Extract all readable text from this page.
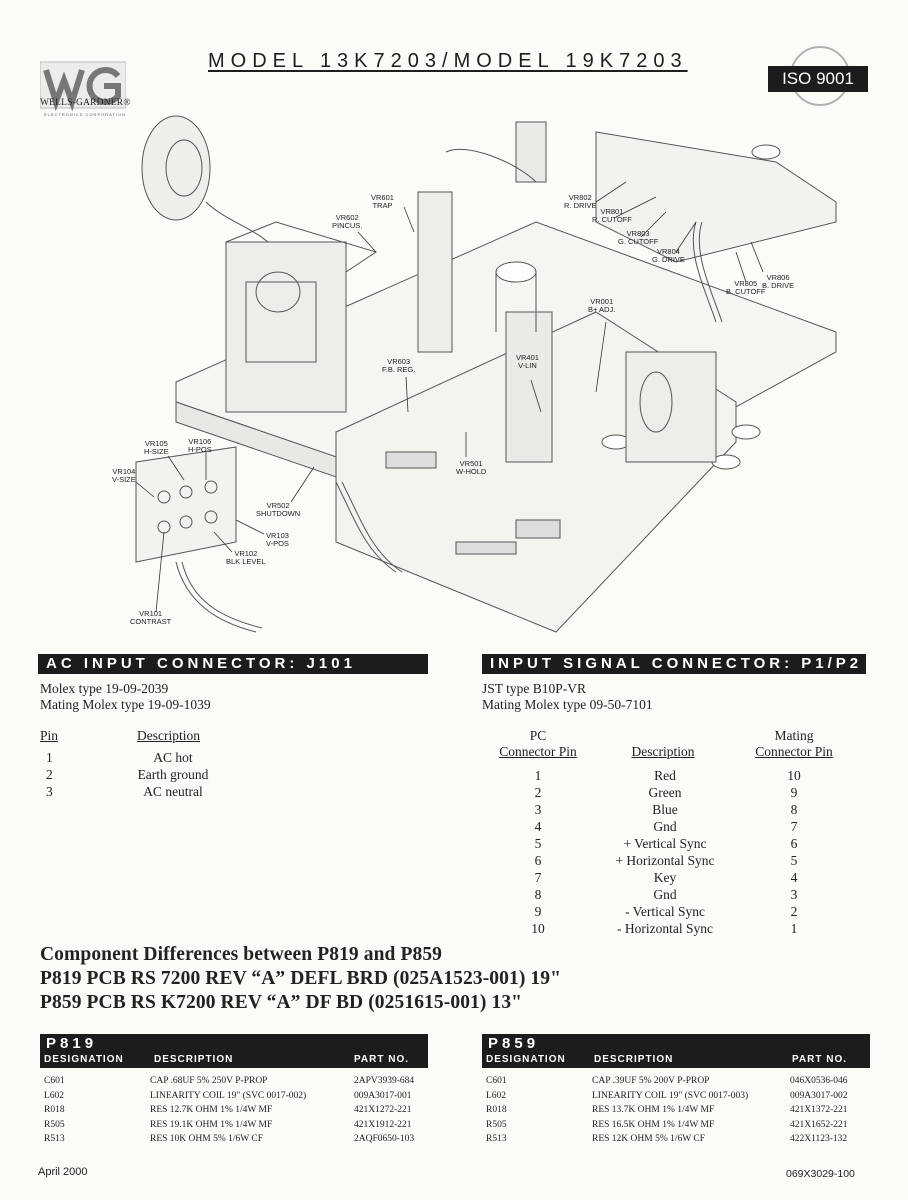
WELLS-GARDNER®
ELECTRONICS CORPORATION
MODEL 13K7203/MODEL 19K7203
ISO 9001
VR601
TRAP
VR602
PINCUS.
VR802
R. DRIVE
VR801
R. CUTOFF
VR803
G. CUTOFF
VR804
G. DRIVE
VR805
B. CUTOFF
VR806
B. DRIVE
VR001
B+ ADJ.
VR603
F.B. REG.
VR401
V-LIN
VR105
H-SIZE
VR106
H-POS
VR104
V-SIZE
VR501
W-HOLD
VR502
SHUTDOWN
VR103
V-POS
VR102
BLK LEVEL
VR101
CONTRAST
AC INPUT CONNECTOR: J101
Molex type 19-09-2039
Mating Molex type 19-09-1039
Pin	Description
1	AC hot
2	Earth ground
3	AC neutral
INPUT SIGNAL CONNECTOR: P1/P2
JST type B10P-VR
Mating Molex type 09-50-7101
PC
Connector Pin	Description
Mating
Connector Pin
1	Red	10
2	Green	9
3	Blue	8
4	Gnd	7
5	+ Vertical Sync	6
6	+ Horizontal Sync	5
7	Key	4
8	Gnd	3
9	- Vertical Sync	2
10	- Horizontal Sync	1
Component Differences between P819 and P859
P819 PCB RS 7200 REV “A” DEFL BRD (025A1523-001) 19"
P859 PCB RS K7200 REV “A” DF BD (0251615-001) 13"
P819
DESIGNATION	DESCRIPTION	PART NO.
C601	CAP .68UF 5% 250V P-PROP	2APV3939-684
L602	LINEARITY COIL 19" (SVC 0017-002)	009A3017-001
R018	RES 12.7K OHM 1% 1/4W MF	421X1272-221
R505	RES 19.1K OHM 1% 1/4W MF	421X1912-221
R513	RES 10K OHM 5% 1/6W CF	2AQF0650-103
P859
DESIGNATION	DESCRIPTION	PART NO.
C601	CAP .39UF 5% 200V P-PROP	046X0536-046
L602	LINEARITY COIL 19" (SVC 0017-003)	009A3017-002
R018	RES 13.7K OHM 1% 1/4W MF	421X1372-221
R505	RES 16.5K OHM 1% 1/4W MF	421X1652-221
R513	RES 12K OHM 5% 1/6W CF	422X1123-132
April 2000	069X3029-100
